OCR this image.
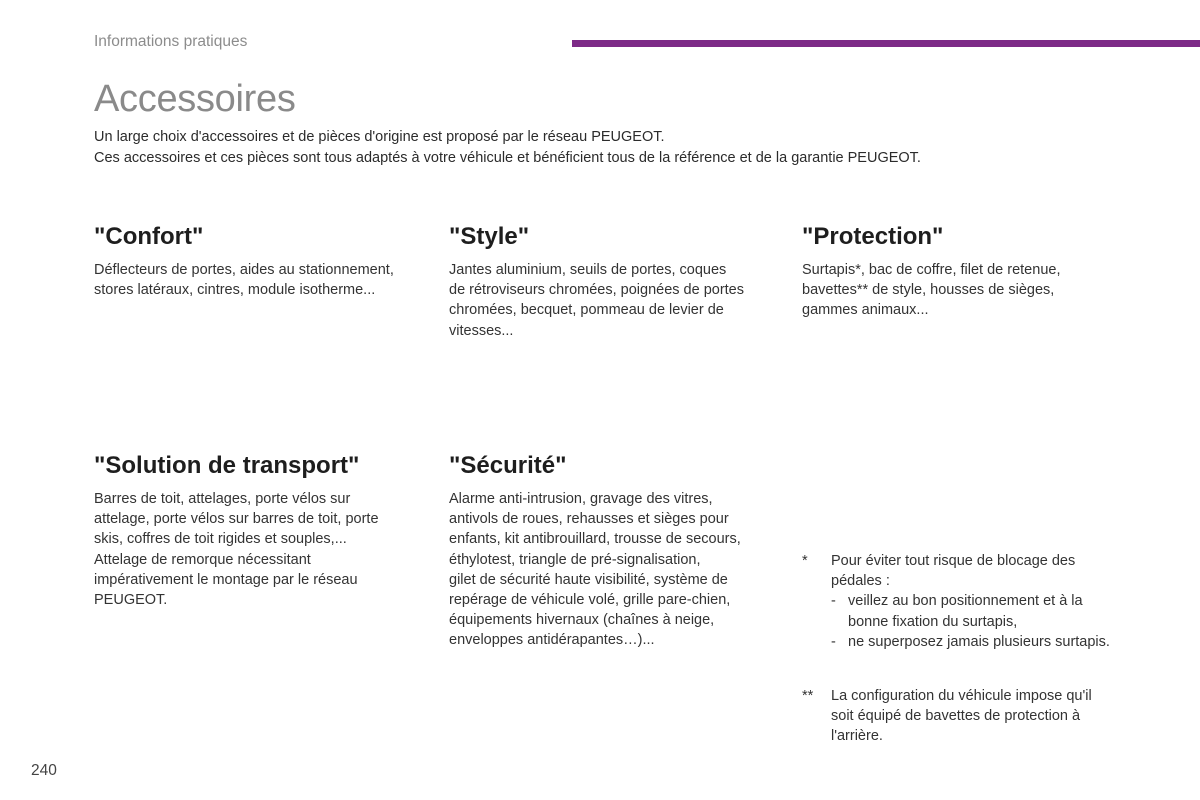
Informations pratiques
Accessoires
Un large choix d'accessoires et de pièces d'origine est proposé par le réseau PEUGEOT.
Ces accessoires et ces pièces sont tous adaptés à votre véhicule et bénéficient tous de la référence et de la garantie PEUGEOT.
"Confort"
Déflecteurs de portes, aides au stationnement,
stores latéraux, cintres, module isotherme...
"Style"
Jantes aluminium, seuils de portes, coques
de rétroviseurs chromées, poignées de portes
chromées, becquet, pommeau de levier de
vitesses...
"Protection"
Surtapis*, bac de coffre, filet de retenue,
bavettes** de style, housses de sièges,
gammes animaux...
"Solution de transport"
Barres de toit, attelages, porte vélos sur
attelage, porte vélos sur barres de toit, porte
skis, coffres de toit rigides et souples,...
Attelage de remorque nécessitant
impérativement le montage par le réseau
PEUGEOT.
"Sécurité"
Alarme anti-intrusion, gravage des vitres,
antivols de roues, rehausses et sièges pour
enfants, kit antibrouillard, trousse de secours,
éthylotest, triangle de pré-signalisation,
gilet de sécurité haute visibilité, système de
repérage de véhicule volé, grille pare-chien,
équipements hivernaux (chaînes à neige,
enveloppes antidérapantes…)...
*	Pour éviter tout risque de blocage des
pédales :
- veillez au bon positionnement et à la
bonne fixation du surtapis,
- ne superposez jamais plusieurs surtapis.
**	La configuration du véhicule impose qu'il
soit équipé de bavettes de protection à
l'arrière.
240
